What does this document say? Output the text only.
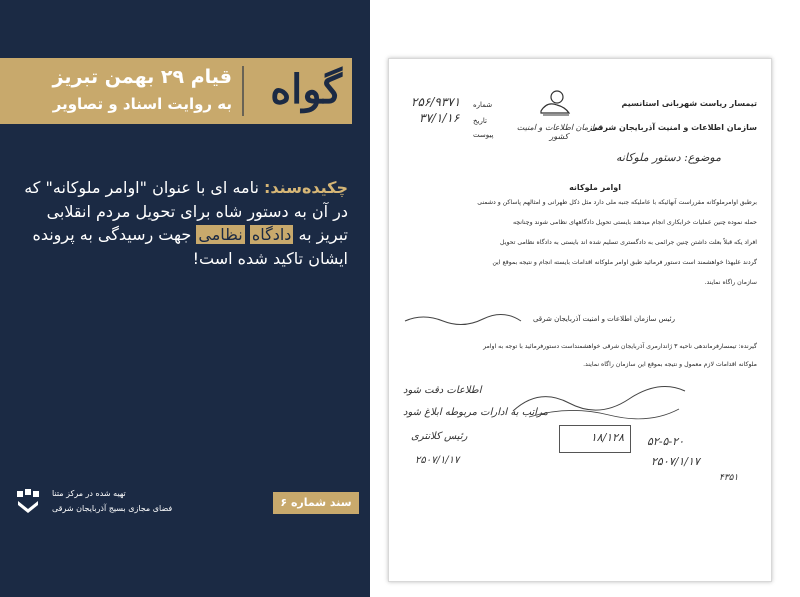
گواه
قیام ۲۹ بهمن تبریز
به روایت اسناد و تصاویر
چکیده‌سند: نامه ای با عنوان "اوامر ملوکانه" که در آن به دستور شاه برای تحویل مردم انقلابی تبریز به دادگاه نظامی جهت رسیدگی به پرونده ایشان تاکید شده است!
تهیه شده در مرکز متنا
فضای مجازی بسیج آذربایجان شرقی	سند شماره ۶
تیمسار ریاست شهربانی استانسیم
سازمان اطلاعات و امنیت آذربایجان شرقی
سازمان اطلاعات و امنیت کشور
شماره
۲۵۶/۹۳۷۱
تاریخ
۳۷/۱/۱۶
پیوست
موضوع: دستور ملوکانه
اوامر ملوکانه
برطبق اوامرملوکانه مقرراست آنهائیکه با عاملیکه جنبه ملی دارد مثل ذکل طهرانی و امثالهم پاساکن و دشمنی
حمله نموده چنین عملیات خرابکاری انجام میدهند بایستی تحویل دادگاههای نظامی شوند وچنانچه
افراد یکه قبلاً بعلت داشتن چنین جرائمی به دادگستری تسلیم شده اند بایستی به دادگاه نظامی تحویل
گردند علیهذا خواهشمند است دستور فرمائید طبق اوامر ملوکانه اقدامات بایسته انجام و نتیجه بموقع این
سازمان راگاه نمایند.
رئیس سازمان اطلاعات و امنیت آذربایجان شرقی
گیرنده: تیمسارفرماندهی ناحیه ۳ ژاندارمری آذربایجان شرقی خواهشمنداست دستورفرمائید با توجه به اوامر
ملوکانه اقدامات لازم معمول و نتیجه بموقع این سازمان راگاه نمایند.
اطلاعات دقت شود
مراتب به ادارات مربوطه ابلاغ شود
رئیس کلانتری
۲۵۰۷/۱/۱۷
۱۸/۱۲۸ ۵۲-۵-۲۰
۲۵۰۷/۱/۱۷
۴۳۵۱
